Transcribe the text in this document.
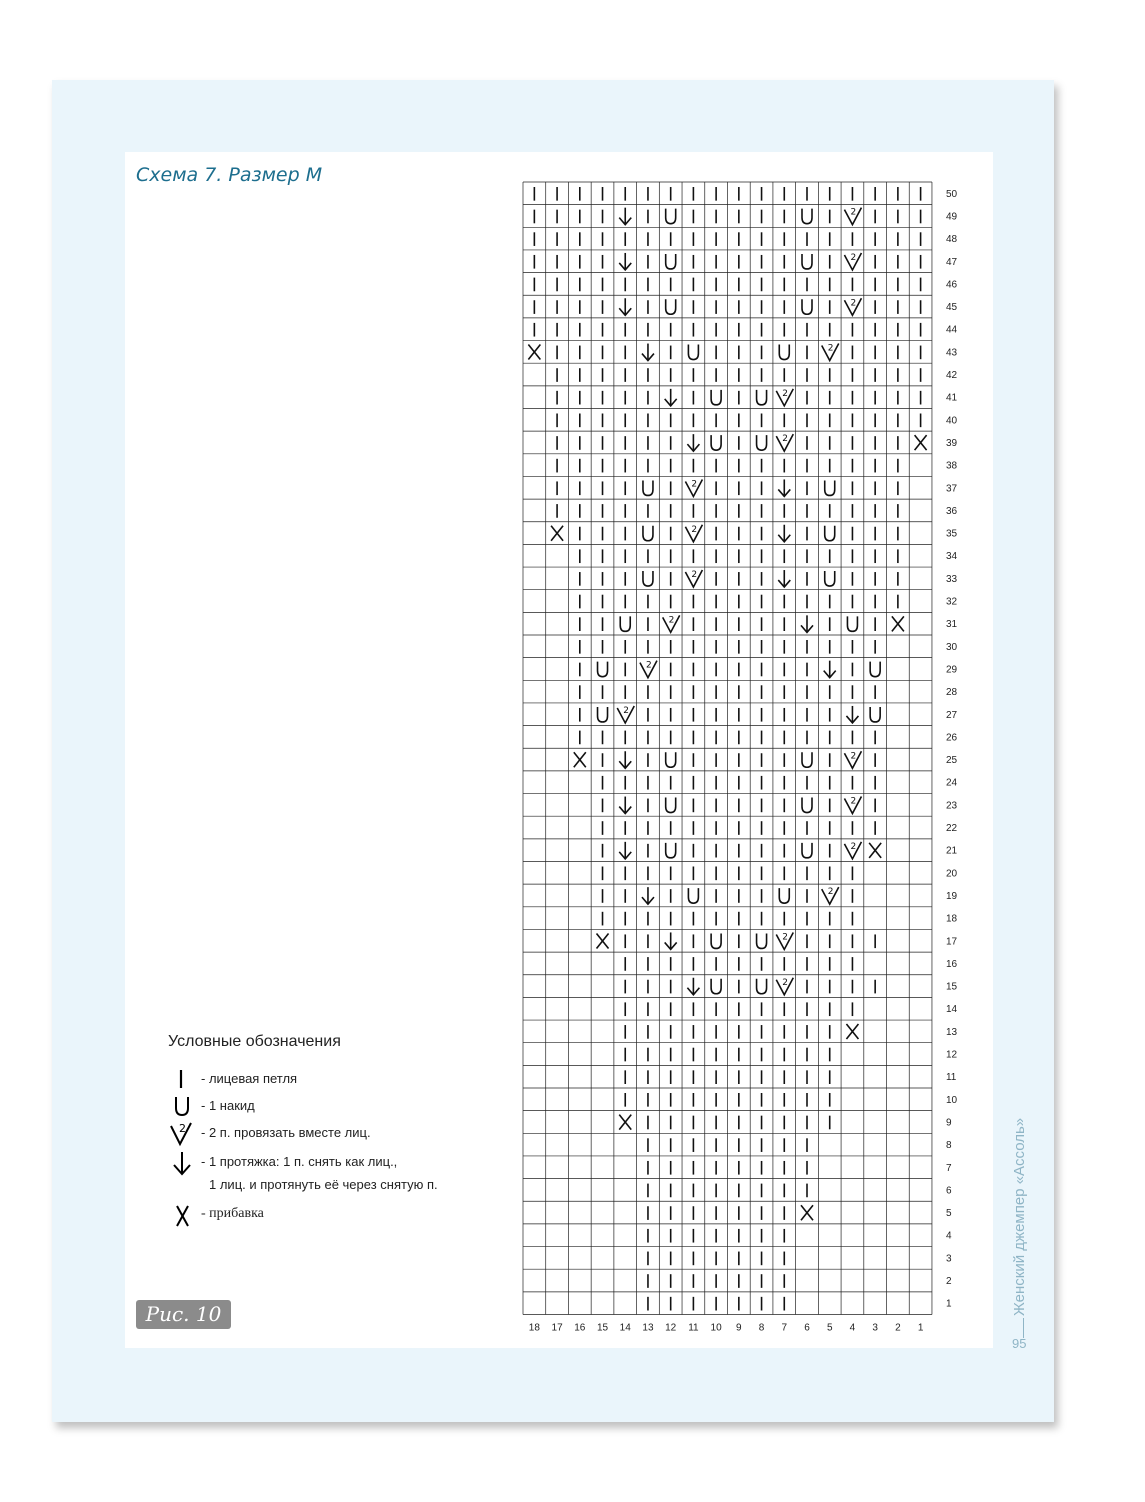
Схема 7. Размер М
Условные обозначения
- лицевая петля
- 1 накид
2 - 2 п. провязать вместе лиц.
- 1 протяжка: 1 п. снять как лиц.,
1 лиц. и протянуть её через снятую п.
- прибавка
Рис. 10
2
2
2
2
2
2
2
2
2
2
2
2
2
2
2
2
2
2
50
49
48
47
46
45
44
43
42
41
40
39
38
37
36
35
34
33
32
31
30
29
28
27
26
25
24
23
22
21
20
19
18
17
16
15
14
13
12
11
10
9
8
7
6
5
4
3
2
1
18 17 16 15 14 13 12 11 10 9 8 7 6 5 4 3 2 1
Женский джемпер «Ассоль»
95
